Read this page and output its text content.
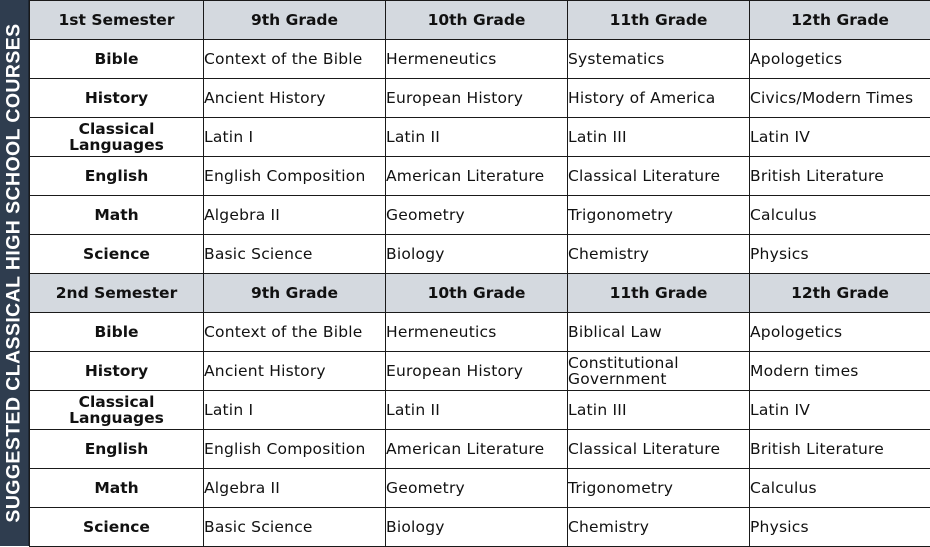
SUGGESTED CLASSICAL HIGH SCHOOL COURSES
1st Semester	9th Grade	10th Grade	11th Grade	12th Grade
Bible	Context of the Bible	Hermeneutics	Systematics	Apologetics
History	Ancient History	European History	History of America	Civics/Modern Times
Classical Languages	Latin I	Latin II	Latin III	Latin IV
English	English Composition	American Literature	Classical Literature	British Literature
Math	Algebra II	Geometry	Trigonometry	Calculus
Science	Basic Science	Biology	Chemistry	Physics
2nd Semester	9th Grade	10th Grade	11th Grade	12th Grade
Bible	Context of the Bible	Hermeneutics	Biblical Law	Apologetics
History	Ancient History	European History	Constitutional Government	Modern times
Classical Languages	Latin I	Latin II	Latin III	Latin IV
English	English Composition	American Literature	Classical Literature	British Literature
Math	Algebra II	Geometry	Trigonometry	Calculus
Science	Basic Science	Biology	Chemistry	Physics
